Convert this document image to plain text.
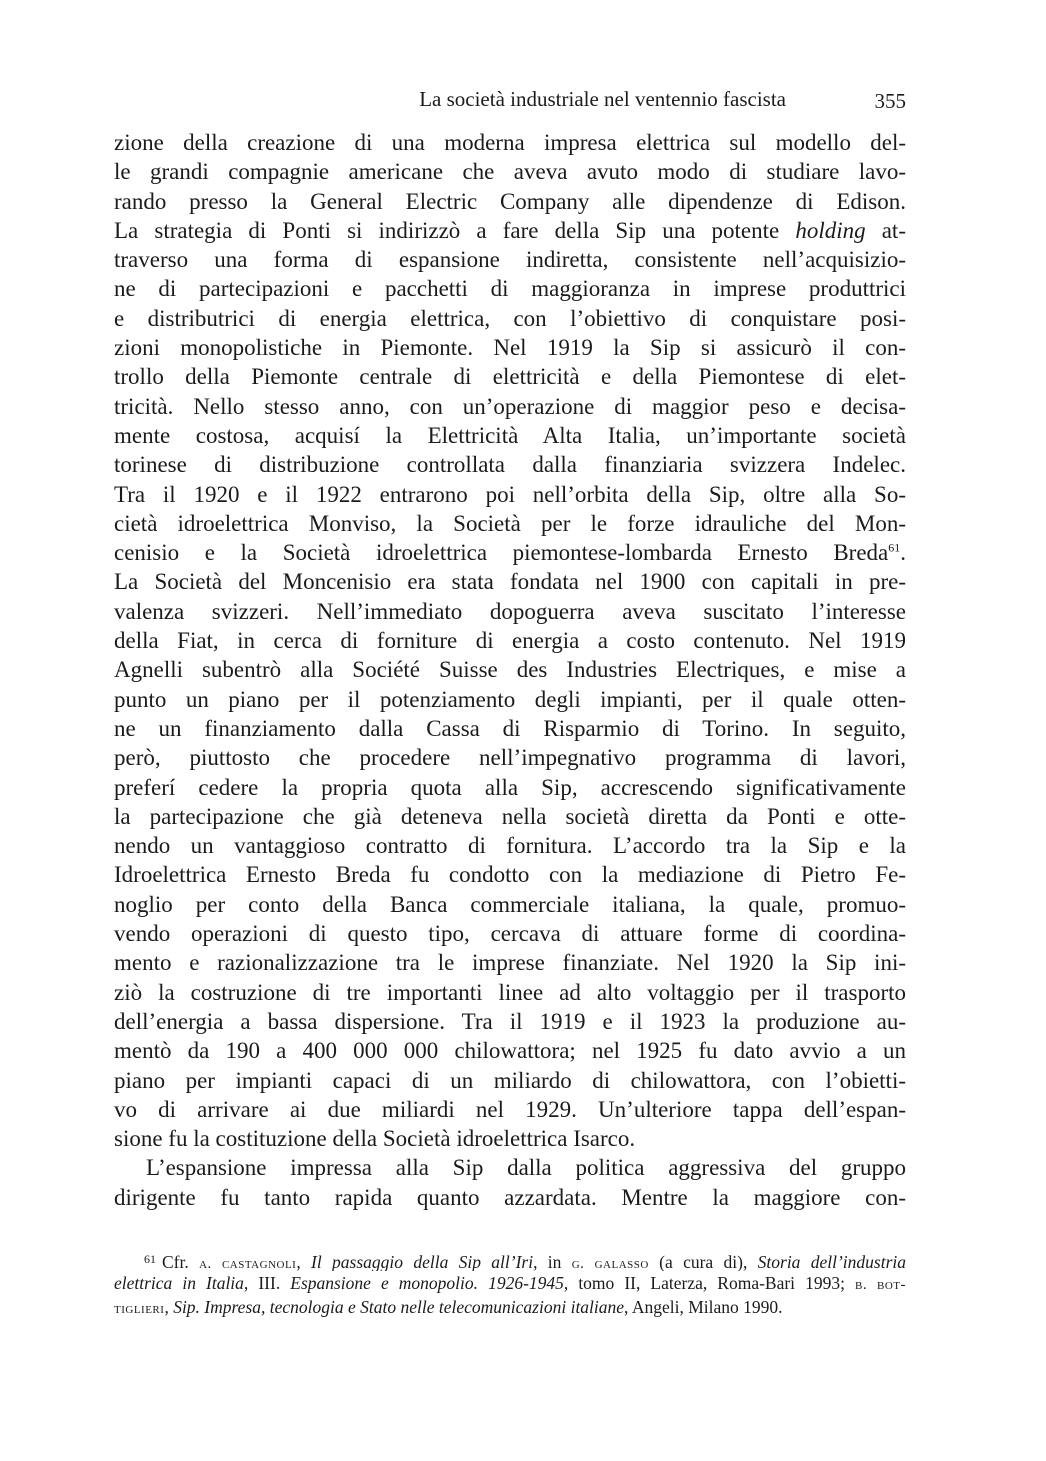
La società industriale nel ventennio fascista	355
zione della creazione di una moderna impresa elettrica sul modello del-
le grandi compagnie americane che aveva avuto modo di studiare lavo-
rando presso la General Electric Company alle dipendenze di Edison.
La strategia di Ponti si indirizzò a fare della Sip una potente holding at-
traverso una forma di espansione indiretta, consistente nell’acquisizio-
ne di partecipazioni e pacchetti di maggioranza in imprese produttrici
e distributrici di energia elettrica, con l’obiettivo di conquistare posi-
zioni monopolistiche in Piemonte. Nel 1919 la Sip si assicurò il con-
trollo della Piemonte centrale di elettricità e della Piemontese di elet-
tricità. Nello stesso anno, con un’operazione di maggior peso e decisa-
mente costosa, acquisí la Elettricità Alta Italia, un’importante società
torinese di distribuzione controllata dalla finanziaria svizzera Indelec.
Tra il 1920 e il 1922 entrarono poi nell’orbita della Sip, oltre alla So-
cietà idroelettrica Monviso, la Società per le forze idrauliche del Mon-
cenisio e la Società idroelettrica piemontese-lombarda Ernesto Breda$^{61}$.
La Società del Moncenisio era stata fondata nel 1900 con capitali in pre-
valenza svizzeri. Nell’immediato dopoguerra aveva suscitato l’interesse
della Fiat, in cerca di forniture di energia a costo contenuto. Nel 1919
Agnelli subentrò alla Société Suisse des Industries Electriques, e mise a
punto un piano per il potenziamento degli impianti, per il quale otten-
ne un finanziamento dalla Cassa di Risparmio di Torino. In seguito,
però, piuttosto che procedere nell’impegnativo programma di lavori,
preferí cedere la propria quota alla Sip, accrescendo significativamente
la partecipazione che già deteneva nella società diretta da Ponti e otte-
nendo un vantaggioso contratto di fornitura. L’accordo tra la Sip e la
Idroelettrica Ernesto Breda fu condotto con la mediazione di Pietro Fe-
noglio per conto della Banca commerciale italiana, la quale, promuo-
vendo operazioni di questo tipo, cercava di attuare forme di coordina-
mento e razionalizzazione tra le imprese finanziate. Nel 1920 la Sip ini-
ziò la costruzione di tre importanti linee ad alto voltaggio per il trasporto
dell’energia a bassa dispersione. Tra il 1919 e il 1923 la produzione au-
mentò da 190 a 400 000 000 chilowattora; nel 1925 fu dato avvio a un
piano per impianti capaci di un miliardo di chilowattora, con l’obietti-
vo di arrivare ai due miliardi nel 1929. Un’ulteriore tappa dell’espan-
sione fu la costituzione della Società idroelettrica Isarco.
L’espansione impressa alla Sip dalla politica aggressiva del gruppo
dirigente fu tanto rapida quanto azzardata. Mentre la maggiore con-
$^{61}$ Cfr. a. castagnoli, Il passaggio della Sip all’Iri, in g. galasso (a cura di), Storia dell’industria
elettrica in Italia, III. Espansione e monopolio. 1926-1945, tomo II, Laterza, Roma-Bari 1993; b. bot-
tiglieri, Sip. Impresa, tecnologia e Stato nelle telecomunicazioni italiane, Angeli, Milano 1990.
